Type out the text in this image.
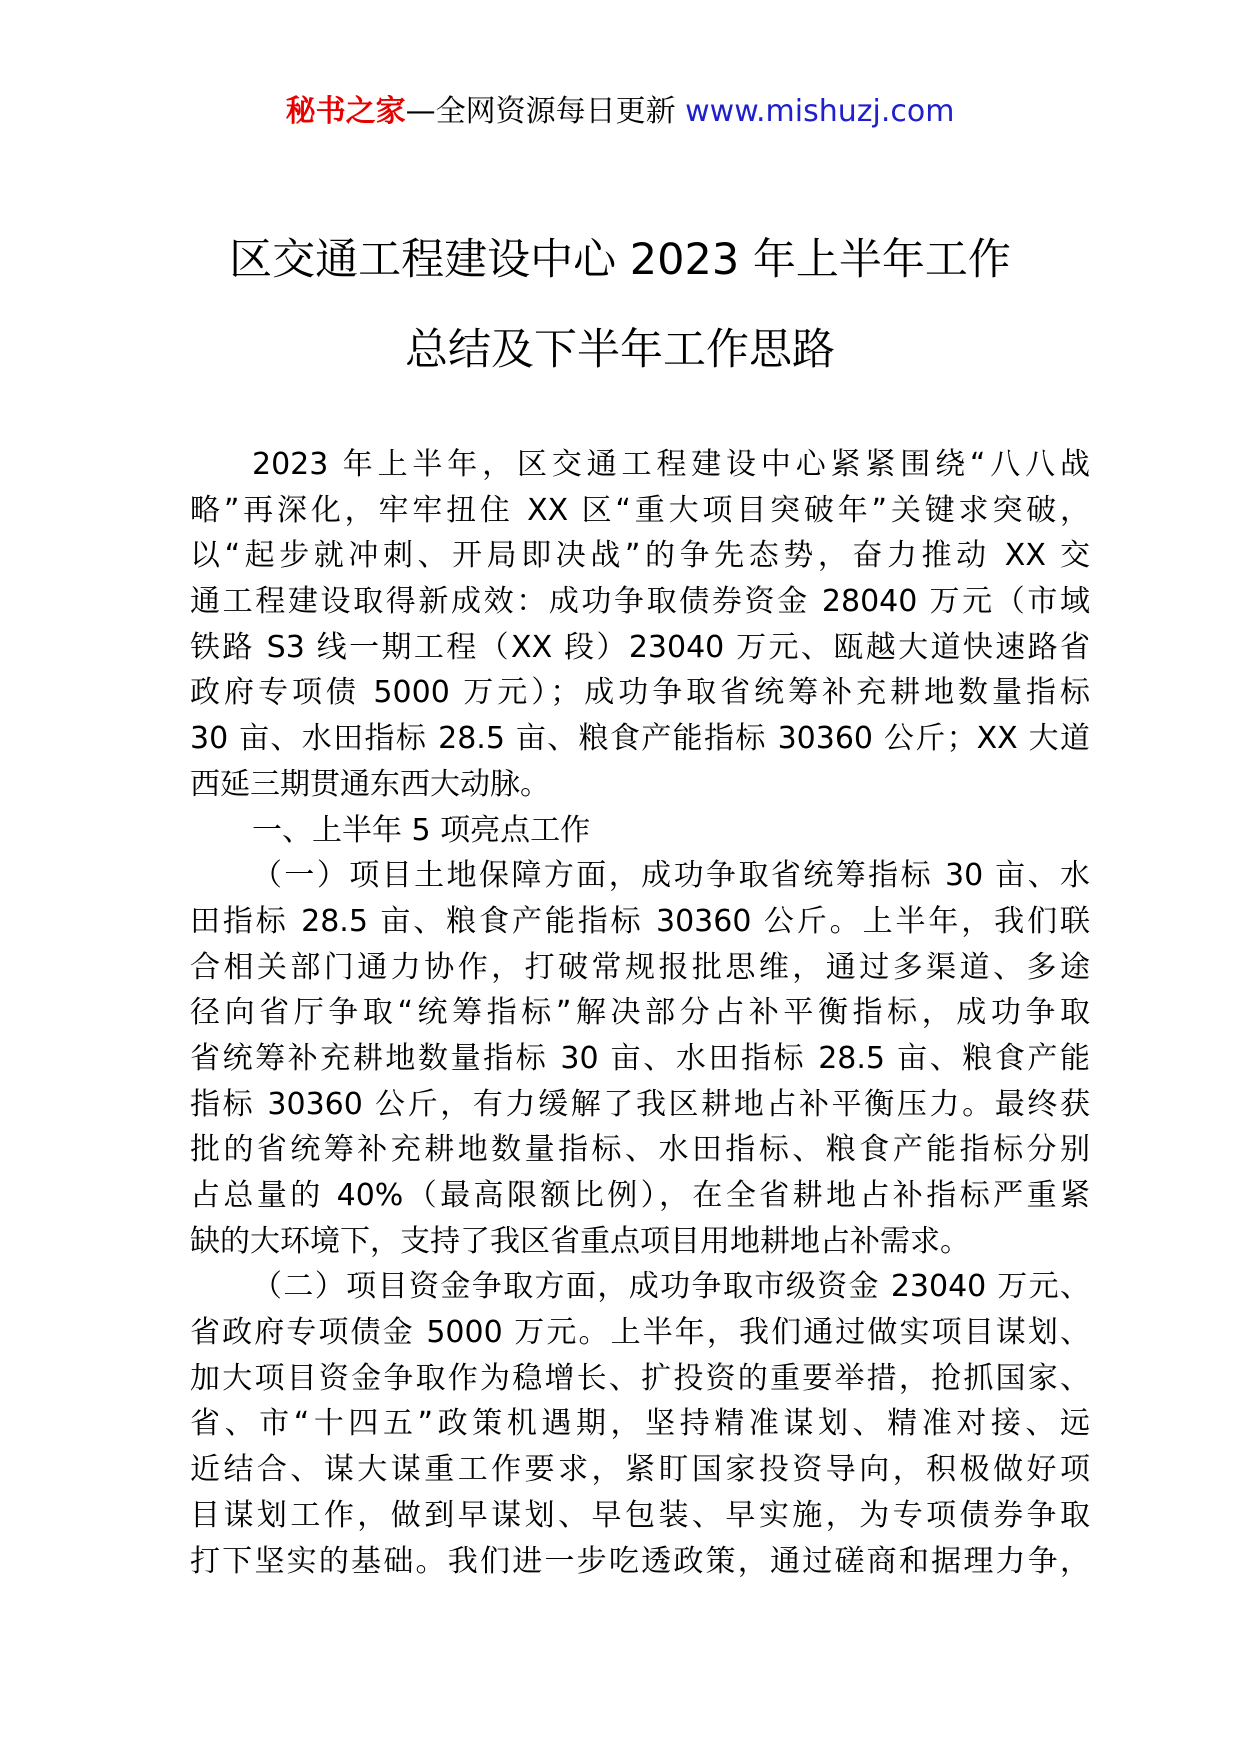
秘书之家—全网资源每日更新 www.mishuzj.com
区交通工程建设中心 2023 年上半年工作
总结及下半年工作思路
2023 年上半年，区交通工程建设中心紧紧围绕“八八战
略”再深化，牢牢扭住 XX 区“重大项目突破年”关键求突破，
以“起步就冲刺、开局即决战”的争先态势，奋力推动 XX 交
通工程建设取得新成效：成功争取债券资金 28040 万元（市域
铁路 S3 线一期工程（XX 段）23040 万元、瓯越大道快速路省
政府专项债 5000 万元）；成功争取省统筹补充耕地数量指标
30 亩、水田指标 28.5 亩、粮食产能指标 30360 公斤；XX 大道
西延三期贯通东西大动脉。
一、上半年 5 项亮点工作
（一）项目土地保障方面，成功争取省统筹指标 30 亩、水
田指标 28.5 亩、粮食产能指标 30360 公斤。上半年，我们联
合相关部门通力协作，打破常规报批思维，通过多渠道、多途
径向省厅争取“统筹指标”解决部分占补平衡指标，成功争取
省统筹补充耕地数量指标 30 亩、水田指标 28.5 亩、粮食产能
指标 30360 公斤，有力缓解了我区耕地占补平衡压力。最终获
批的省统筹补充耕地数量指标、水田指标、粮食产能指标分别
占总量的 40%（最高限额比例），在全省耕地占补指标严重紧
缺的大环境下，支持了我区省重点项目用地耕地占补需求。
（二）项目资金争取方面，成功争取市级资金 23040 万元、
省政府专项债金 5000 万元。上半年，我们通过做实项目谋划、
加大项目资金争取作为稳增长、扩投资的重要举措，抢抓国家、
省、市“十四五”政策机遇期，坚持精准谋划、精准对接、远
近结合、谋大谋重工作要求，紧盯国家投资导向，积极做好项
目谋划工作，做到早谋划、早包装、早实施，为专项债券争取
打下坚实的基础。我们进一步吃透政策，通过磋商和据理力争，
